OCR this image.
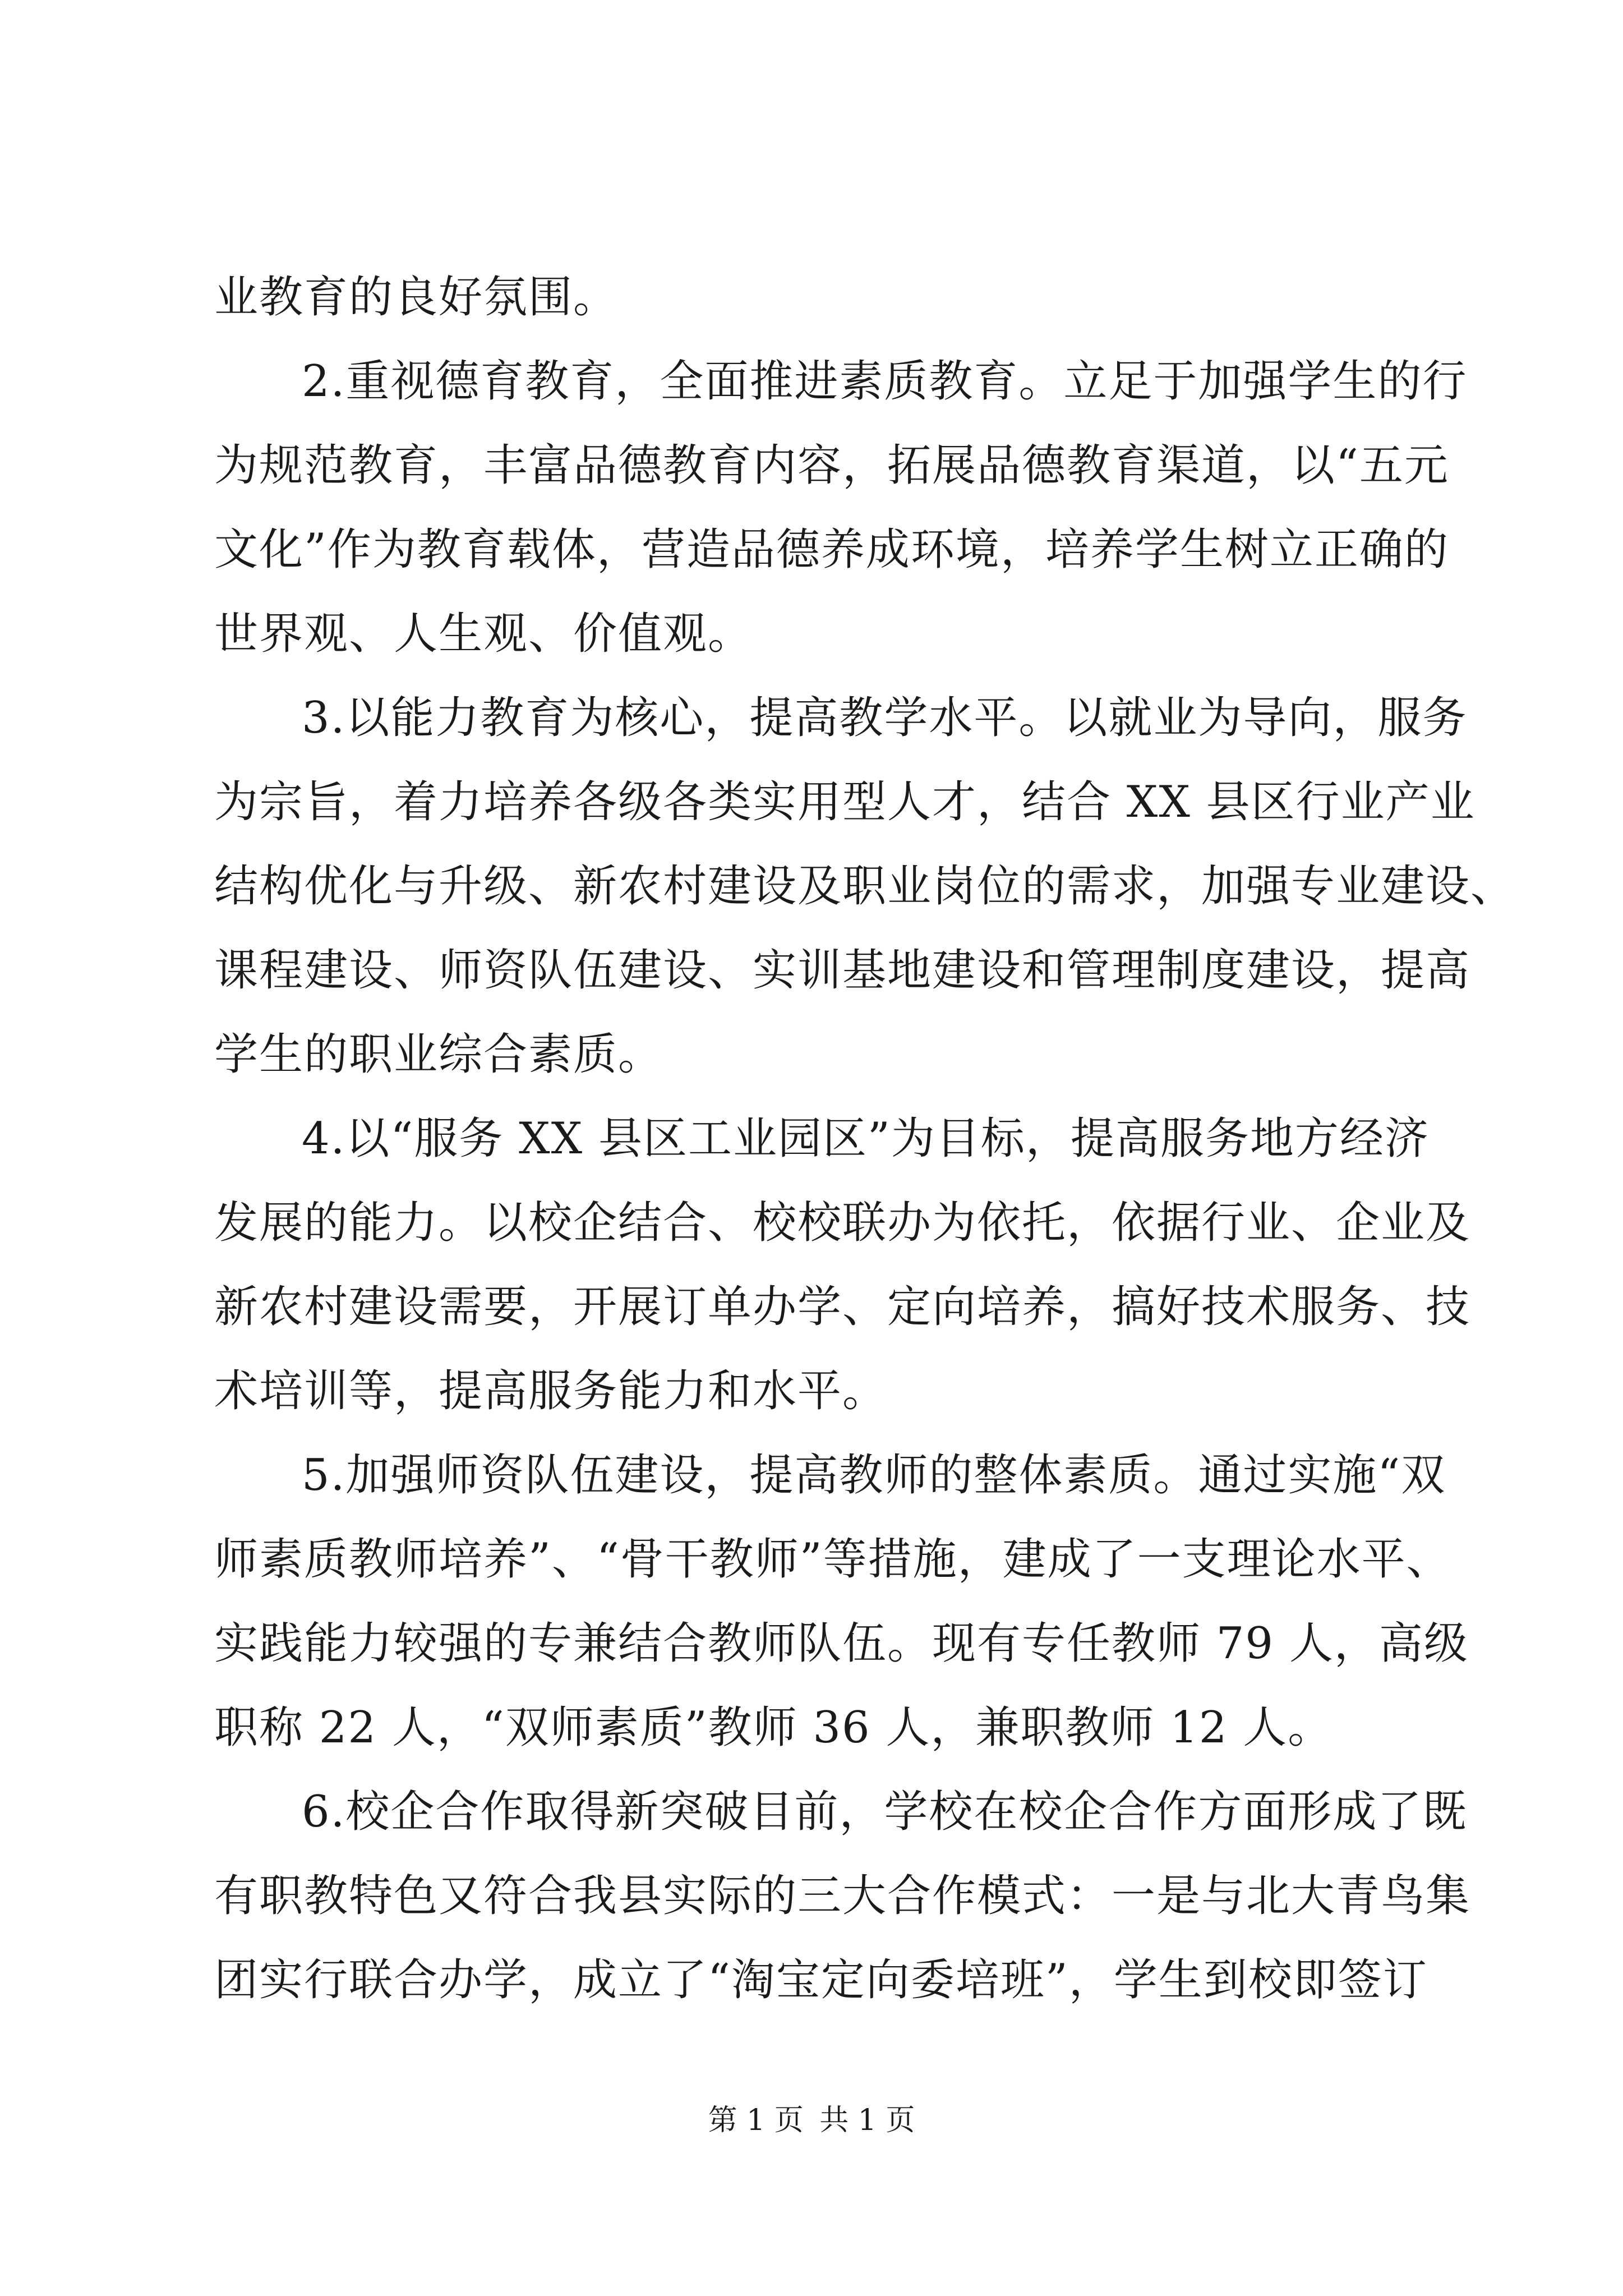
业教育的良好氛围。
2.重视德育教育，全面推进素质教育。立足于加强学生的行
为规范教育，丰富品德教育内容，拓展品德教育渠道，以“五元
文化”作为教育载体，营造品德养成环境，培养学生树立正确的
世界观、人生观、价值观。
3.以能力教育为核心，提高教学水平。以就业为导向，服务
为宗旨，着力培养各级各类实用型人才，结合 XX 县区行业产业
结构优化与升级、新农村建设及职业岗位的需求，加强专业建设、
课程建设、师资队伍建设、实训基地建设和管理制度建设，提高
学生的职业综合素质。
4.以“服务 XX 县区工业园区”为目标，提高服务地方经济
发展的能力。以校企结合、校校联办为依托，依据行业、企业及
新农村建设需要，开展订单办学、定向培养，搞好技术服务、技
术培训等，提高服务能力和水平。
5.加强师资队伍建设，提高教师的整体素质。通过实施“双
师素质教师培养”、“骨干教师”等措施，建成了一支理论水平、
实践能力较强的专兼结合教师队伍。现有专任教师 79 人，高级
职称 22 人，“双师素质”教师 36 人，兼职教师 12 人。
6.校企合作取得新突破目前，学校在校企合作方面形成了既
有职教特色又符合我县实际的三大合作模式：一是与北大青鸟集
团实行联合办学，成立了“淘宝定向委培班”，学生到校即签订
第 1 页 共 1 页
